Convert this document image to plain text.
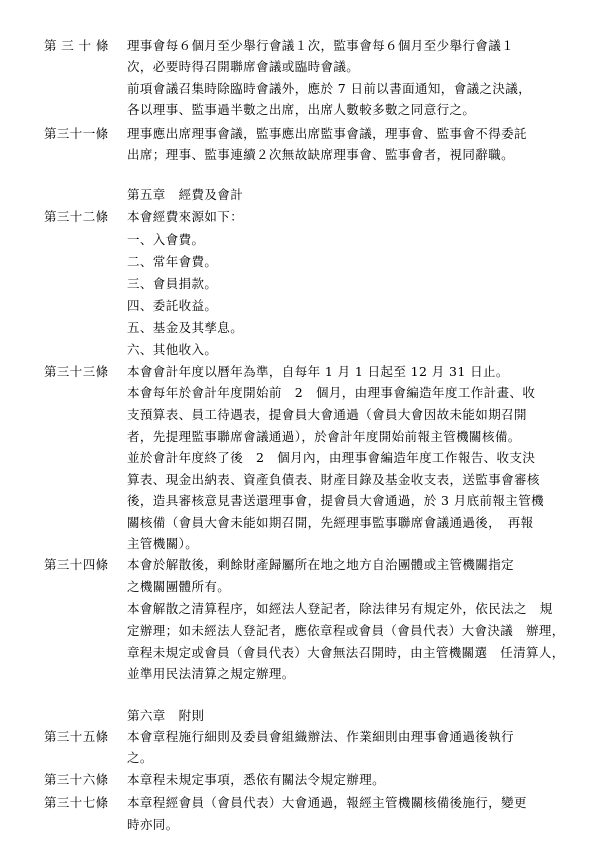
第 三 十 條 理事會每６個月至少舉行會議１次，監事會每６個月至少舉行會議１
次，必要時得召開聯席會議或臨時會議。
前項會議召集時除臨時會議外，應於 7 日前以書面通知，會議之決議，
各以理事、監事過半數之出席，出席人數較多數之同意行之。
第三十一條 理事應出席理事會議，監事應出席監事會議，理事會、監事會不得委託
出席；理事、監事連續２次無故缺席理事會、監事會者，視同辭職。
第五章　經費及會計
第三十二條 本會經費來源如下：
一、入會費。
二、常年會費。
三、會員捐款。
四、委託收益。
五、基金及其孳息。
六、其他收入。
第三十三條 本會會計年度以曆年為準，自每年 1 月 1 日起至 12 月 31 日止。
本會每年於會計年度開始前　2　個月，由理事會編造年度工作計畫、收
支預算表、員工待遇表，提會員大會通過（會員大會因故未能如期召開
者，先提理監事聯席會議通過），於會計年度開始前報主管機關核備。
並於會計年度終了後　2　個月內，由理事會編造年度工作報告、收支決
算表、現金出納表、資產負債表、財產目錄及基金收支表，送監事會審核
後，造具審核意見書送還理事會，提會員大會通過，於 3 月底前報主管機
關核備（會員大會未能如期召開，先經理事監事聯席會議通過後，　再報
主管機關）。
第三十四條 本會於解散後，剩餘財產歸屬所在地之地方自治團體或主管機關指定
之機關團體所有。
本會解散之清算程序，如經法人登記者，除法律另有規定外，依民法之　規
定辦理；如未經法人登記者，應依章程或會員（會員代表）大會決議　辦理，
章程未規定或會員（會員代表）大會無法召開時，由主管機關選　任清算人，
並準用民法清算之規定辦理。
第六章　附則
第三十五條 本會章程施行細則及委員會組織辦法、作業細則由理事會通過後執行
之。
第三十六條 本章程未規定事項，悉依有關法令規定辦理。
第三十七條 本章程經會員（會員代表）大會通過，報經主管機關核備後施行，變更
時亦同。
